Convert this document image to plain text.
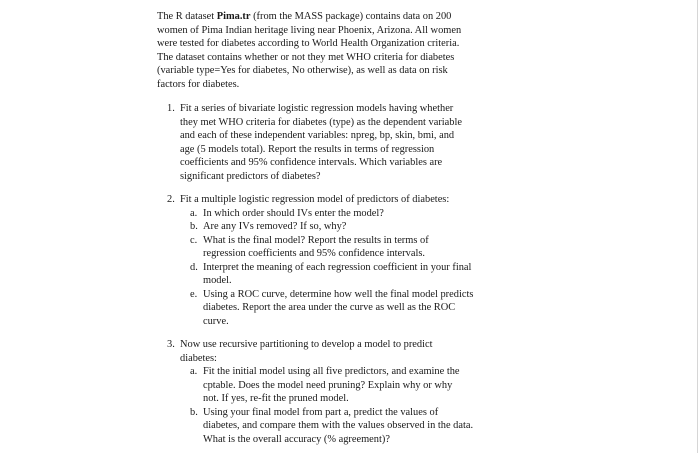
The R dataset Pima.tr (from the MASS package) contains data on 200
women of Pima Indian heritage living near Phoenix, Arizona. All women
were tested for diabetes according to World Health Organization criteria.
The dataset contains whether or not they met WHO criteria for diabetes
(variable type=Yes for diabetes, No otherwise), as well as data on risk
factors for diabetes.
1. Fit a series of bivariate logistic regression models having whether
they met WHO criteria for diabetes (type) as the dependent variable
and each of these independent variables: npreg, bp, skin, bmi, and
age (5 models total). Report the results in terms of regression
coefficients and 95% confidence intervals. Which variables are
significant predictors of diabetes?
2. Fit a multiple logistic regression model of predictors of diabetes:
a. In which order should IVs enter the model?
b. Are any IVs removed? If so, why?
c. What is the final model? Report the results in terms of
regression coefficients and 95% confidence intervals.
d. Interpret the meaning of each regression coefficient in your final
model.
e. Using a ROC curve, determine how well the final model predicts
diabetes. Report the area under the curve as well as the ROC
curve.
3. Now use recursive partitioning to develop a model to predict
diabetes:
a. Fit the initial model using all five predictors, and examine the
cptable. Does the model need pruning? Explain why or why
not. If yes, re-fit the pruned model.
b. Using your final model from part a, predict the values of
diabetes, and compare them with the values observed in the data.
What is the overall accuracy (% agreement)?
